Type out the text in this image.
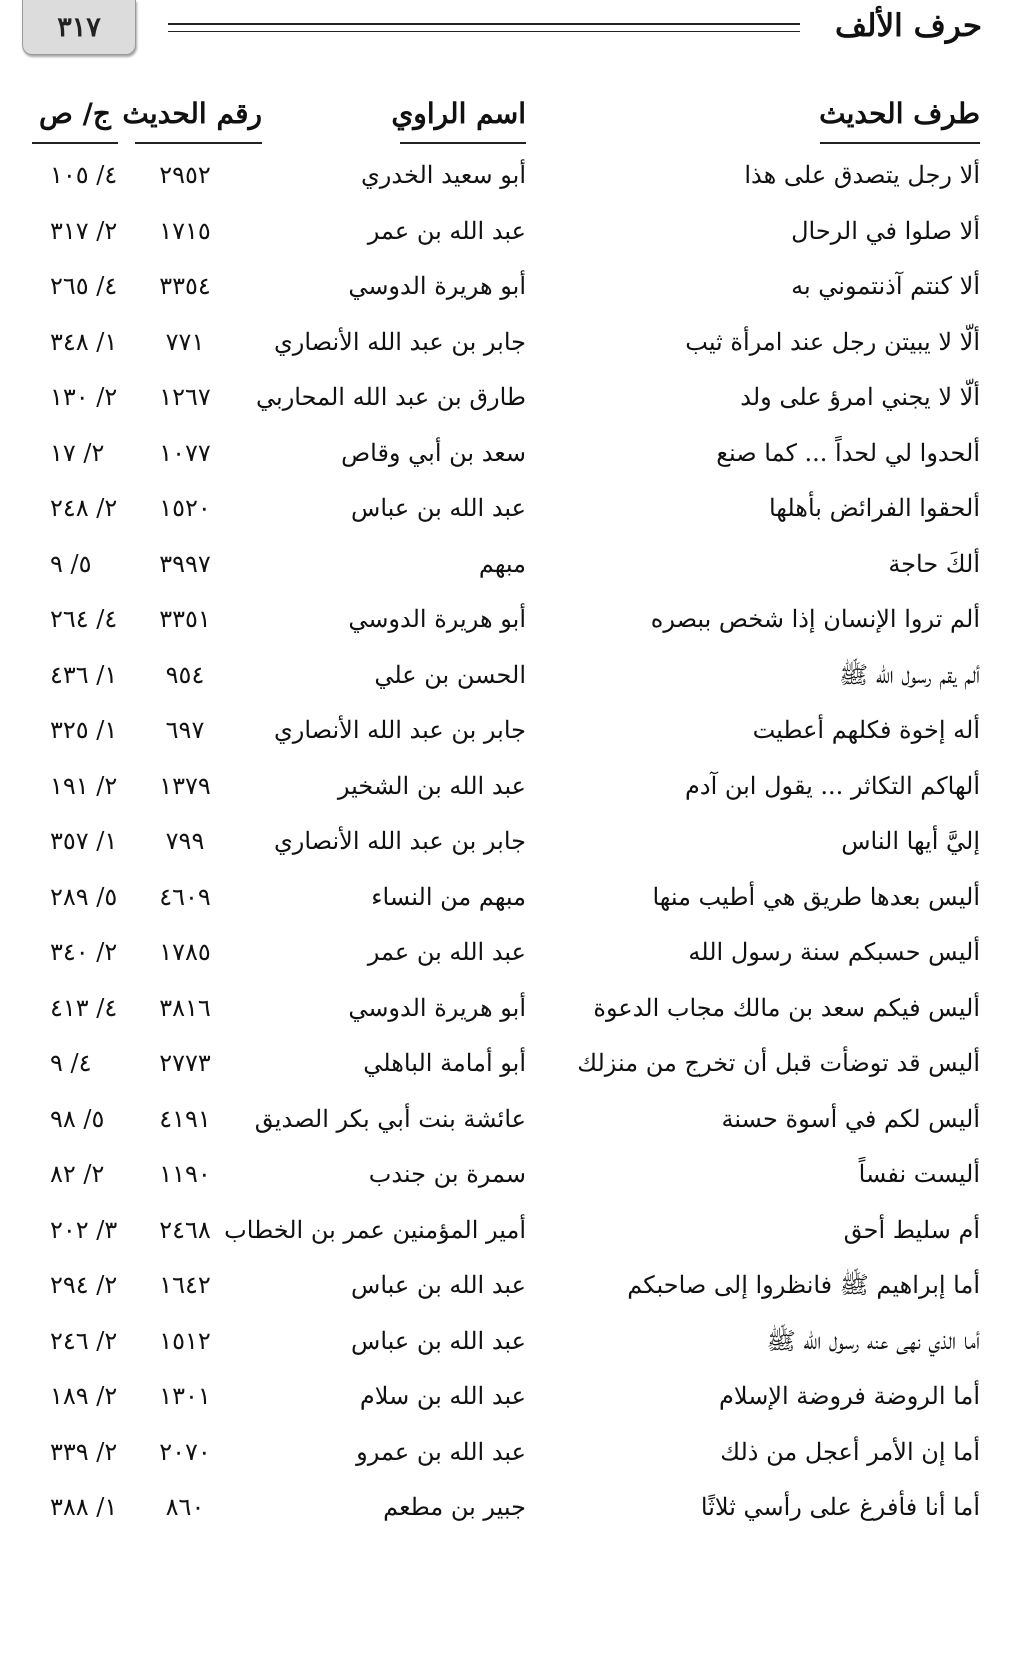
حرف الألف
٣١٧
طرف الحديث
اسم الراوي
رقم الحديث
ج/ ص
ألا رجل يتصدق على هذا
أبو سعيد الخدري
٢٩٥٢
٤/ ١٠٥
ألا صلوا في الرحال
عبد الله بن عمر
١٧١٥
٢/ ٣١٧
ألا كنتم آذنتموني به
أبو هريرة الدوسي
٣٣٥٤
٤/ ٢٦٥
ألّا لا يبيتن رجل عند امرأة ثيب
جابر بن عبد الله الأنصاري
٧٧١
١/ ٣٤٨
ألّا لا يجني امرؤ على ولد
طارق بن عبد الله المحاربي
١٢٦٧
٢/ ١٣٠
ألحدوا لي لحداً ... كما صنع
سعد بن أبي وقاص
١٠٧٧
٢/ ١٧
ألحقوا الفرائض بأهلها
عبد الله بن عباس
١٥٢٠
٢/ ٢٤٨
ألكَ حاجة
مبهم
٣٩٩٧
٥/ ٩
ألم تروا الإنسان إذا شخص ببصره
أبو هريرة الدوسي
٣٣٥١
٤/ ٢٦٤
ألم يقم رسول الله ﷺ
الحسن بن علي
٩٥٤
١/ ٤٣٦
أله إخوة فكلهم أعطيت
جابر بن عبد الله الأنصاري
٦٩٧
١/ ٣٢٥
ألهاكم التكاثر ... يقول ابن آدم
عبد الله بن الشخير
١٣٧٩
٢/ ١٩١
إليَّ أيها الناس
جابر بن عبد الله الأنصاري
٧٩٩
١/ ٣٥٧
أليس بعدها طريق هي أطيب منها
مبهم من النساء
٤٦٠٩
٥/ ٢٨٩
أليس حسبكم سنة رسول الله
عبد الله بن عمر
١٧٨٥
٢/ ٣٤٠
أليس فيكم سعد بن مالك مجاب الدعوة
أبو هريرة الدوسي
٣٨١٦
٤/ ٤١٣
أليس قد توضأت قبل أن تخرج من منزلك
أبو أمامة الباهلي
٢٧٧٣
٤/ ٩
أليس لكم في أسوة حسنة
عائشة بنت أبي بكر الصديق
٤١٩١
٥/ ٩٨
أليست نفساً
سمرة بن جندب
١١٩٠
٢/ ٨٢
أم سليط أحق
أمير المؤمنين عمر بن الخطاب
٢٤٦٨
٣/ ٢٠٢
أما إبراهيم ﷺ فانظروا إلى صاحبكم
عبد الله بن عباس
١٦٤٢
٢/ ٢٩٤
أما الذي نهى عنه رسول الله ﷺ
عبد الله بن عباس
١٥١٢
٢/ ٢٤٦
أما الروضة فروضة الإسلام
عبد الله بن سلام
١٣٠١
٢/ ١٨٩
أما إن الأمر أعجل من ذلك
عبد الله بن عمرو
٢٠٧٠
٢/ ٣٣٩
أما أنا فأفرغ على رأسي ثلاثًا
جبير بن مطعم
٨٦٠
١/ ٣٨٨
